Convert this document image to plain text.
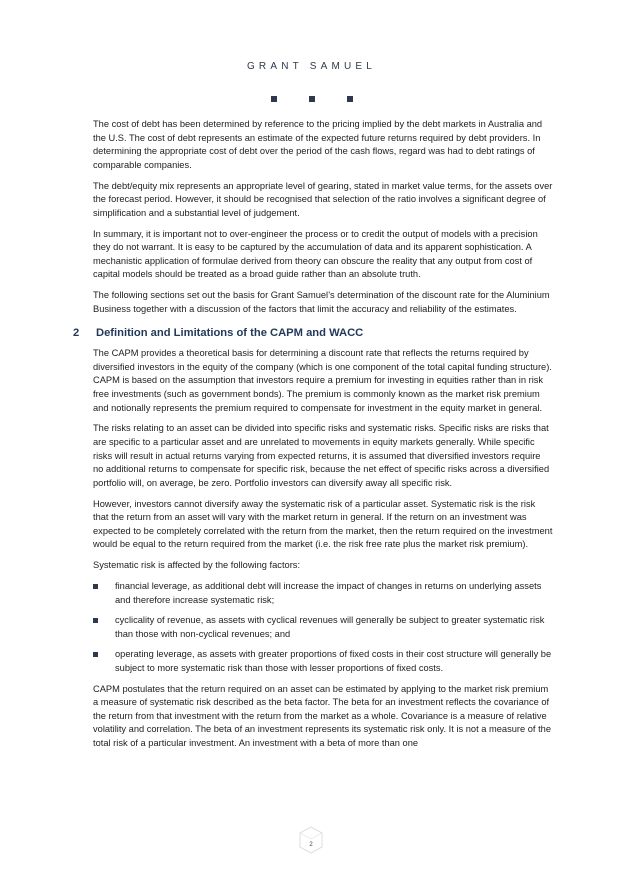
GRANT SAMUEL

The cost of debt has been determined by reference to the pricing implied by the debt markets in Australia and the U.S. The cost of debt represents an estimate of the expected future returns required by debt providers. In determining the appropriate cost of debt over the period of the cash flows, regard was had to debt ratings of comparable companies.

The debt/equity mix represents an appropriate level of gearing, stated in market value terms, for the assets over the forecast period. However, it should be recognised that selection of the ratio involves a significant degree of simplification and a substantial level of judgement.

In summary, it is important not to over-engineer the process or to credit the output of models with a precision they do not warrant. It is easy to be captured by the accumulation of data and its apparent sophistication. A mechanistic application of formulae derived from theory can obscure the reality that any output from cost of capital models should be treated as a broad guide rather than an absolute truth.

The following sections set out the basis for Grant Samuel’s determination of the discount rate for the Aluminium Business together with a discussion of the factors that limit the accuracy and reliability of the estimates.

2 Definition and Limitations of the CAPM and WACC

The CAPM provides a theoretical basis for determining a discount rate that reflects the returns required by diversified investors in the equity of the company (which is one component of the total capital funding structure). CAPM is based on the assumption that investors require a premium for investing in equities rather than in risk free investments (such as government bonds). The premium is commonly known as the market risk premium and notionally represents the premium required to compensate for investment in the equity market in general.

The risks relating to an asset can be divided into specific risks and systematic risks. Specific risks are risks that are specific to a particular asset and are unrelated to movements in equity markets generally. While specific risks will result in actual returns varying from expected returns, it is assumed that diversified investors require no additional returns to compensate for specific risk, because the net effect of specific risks across a diversified portfolio will, on average, be zero. Portfolio investors can diversify away all specific risk.

However, investors cannot diversify away the systematic risk of a particular asset. Systematic risk is the risk that the return from an asset will vary with the market return in general. If the return on an investment was expected to be completely correlated with the return from the market, then the return required on the investment would be equal to the return required from the market (i.e. the risk free rate plus the market risk premium).

Systematic risk is affected by the following factors:

financial leverage, as additional debt will increase the impact of changes in returns on underlying assets and therefore increase systematic risk;
cyclicality of revenue, as assets with cyclical revenues will generally be subject to greater systematic risk than those with non-cyclical revenues; and
operating leverage, as assets with greater proportions of fixed costs in their cost structure will generally be subject to more systematic risk than those with lesser proportions of fixed costs.

CAPM postulates that the return required on an asset can be estimated by applying to the market risk premium a measure of systematic risk described as the beta factor. The beta for an investment reflects the covariance of the return from that investment with the return from the market as a whole. Covariance is a measure of relative volatility and correlation. The beta of an investment represents its systematic risk only. It is not a measure of the total risk of a particular investment. An investment with a beta of more than one

2
